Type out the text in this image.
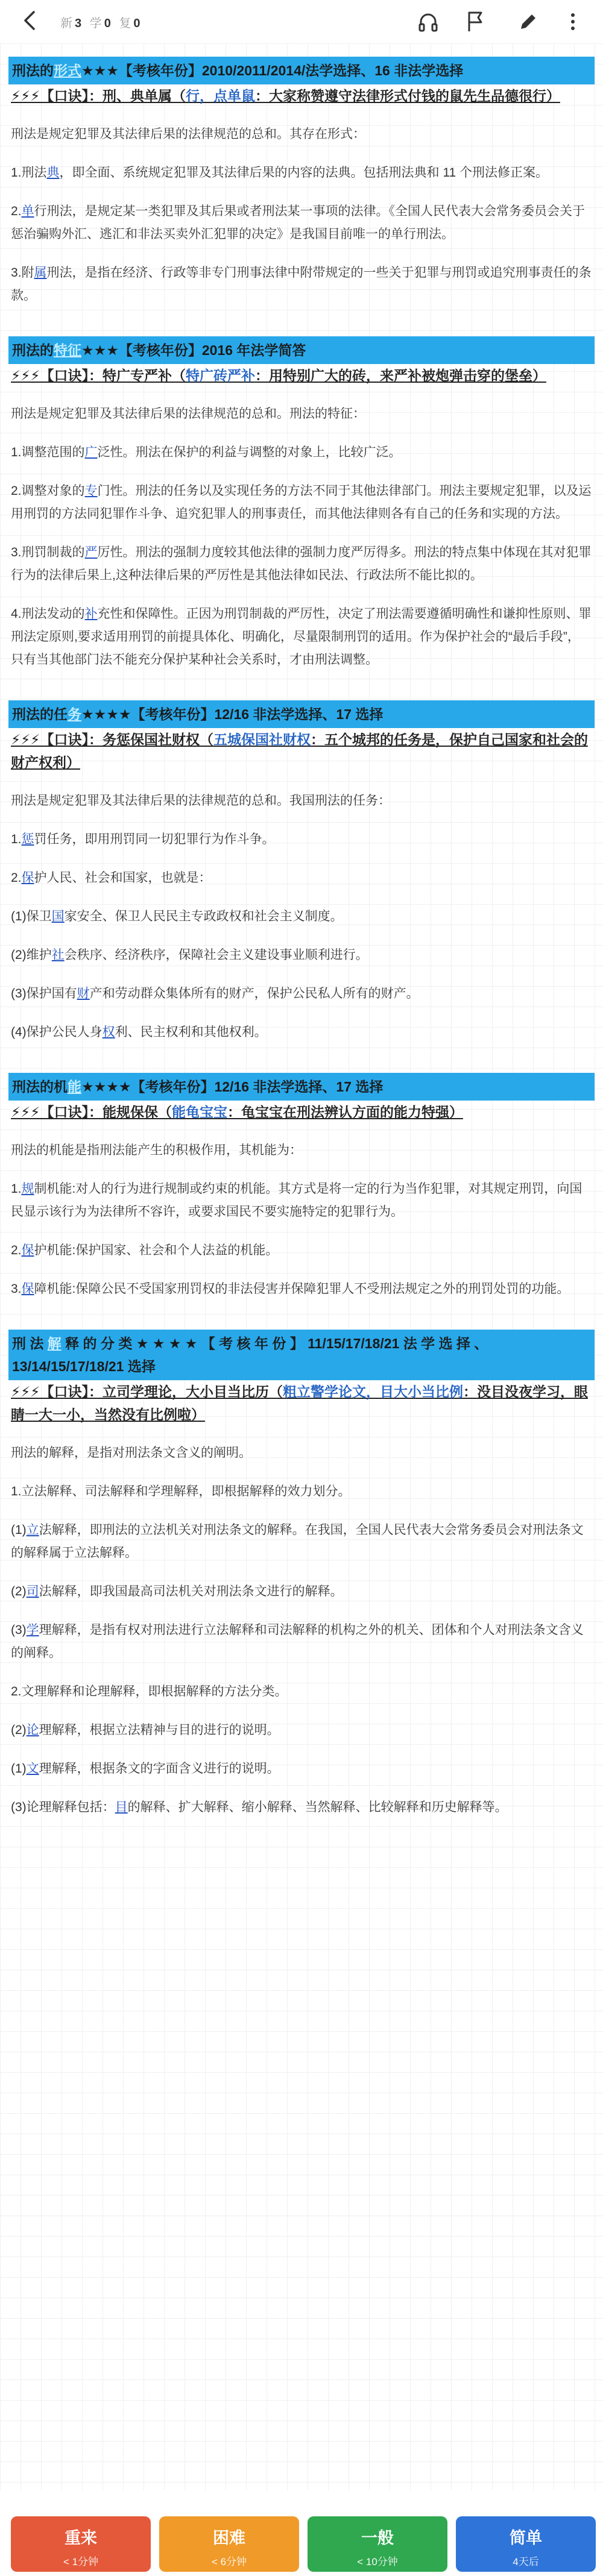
新 3 学 0 复 0
刑法的形式★★★【考核年份】2010/2011/2014/法学选择、16 非法学选择
⚡⚡⚡【口诀】：刑、典单属（行，点单鼠：大家称赞遵守法律形式付钱的鼠先生品德很行）
刑法是规定犯罪及其法律后果的法律规范的总和。其存在形式：
1.刑法典，即全面、系统规定犯罪及其法律后果的内容的法典。包括刑法典和 11 个刑法修正案。
2.单行刑法，是规定某一类犯罪及其后果或者刑法某一事项的法律。《全国人民代表大会常务委员会关于惩治骗购外汇、逃汇和非法买卖外汇犯罪的决定》是我国目前唯一的单行刑法。
3.附属刑法，是指在经济、行政等非专门刑事法律中附带规定的一些关于犯罪与刑罚或追究刑事责任的条款。
刑法的特征★★★【考核年份】2016 年法学简答
⚡⚡⚡【口诀】：特广专严补（特广砖严补：用特别广大的砖，来严补被炮弹击穿的堡垒）
刑法是规定犯罪及其法律后果的法律规范的总和。刑法的特征：
1.调整范围的广泛性。刑法在保护的利益与调整的对象上，比较广泛。
2.调整对象的专门性。刑法的任务以及实现任务的方法不同于其他法律部门。刑法主要规定犯罪，以及运用刑罚的方法同犯罪作斗争、追究犯罪人的刑事责任，而其他法律则各有自己的任务和实现的方法。
3.刑罚制裁的严厉性。刑法的强制力度较其他法律的强制力度严厉得多。刑法的特点集中体现在其对犯罪行为的法律后果上,这种法律后果的严厉性是其他法律如民法、行政法所不能比拟的。
4.刑法发动的补充性和保障性。正因为刑罚制裁的严厉性，决定了刑法需要遵循明确性和谦抑性原则、罪刑法定原则,要求适用刑罚的前提具体化、明确化，尽量限制刑罚的适用。作为保护社会的“最后手段”，只有当其他部门法不能充分保护某种社会关系时，才由刑法调整。
刑法的任务★★★★【考核年份】12/16 非法学选择、17 选择
⚡⚡⚡【口诀】：务惩保国社财权（五城保国社财权：五个城邦的任务是，保护自己国家和社会的财产权利）
刑法是规定犯罪及其法律后果的法律规范的总和。我国刑法的任务：
1.惩罚任务，即用刑罚同一切犯罪行为作斗争。
2.保护人民、社会和国家，也就是：
(1)保卫国家安全、保卫人民民主专政政权和社会主义制度。
(2)维护社会秩序、经济秩序，保障社会主义建设事业顺利进行。
(3)保护国有财产和劳动群众集体所有的财产，保护公民私人所有的财产。
(4)保护公民人身权利、民主权利和其他权利。
刑法的机能★★★★【考核年份】12/16 非法学选择、17 选择
⚡⚡⚡【口诀】：能规保保（能龟宝宝：龟宝宝在刑法辨认方面的能力特强）
刑法的机能是指刑法能产生的积极作用，其机能为：
1.规制机能:对人的行为进行规制或约束的机能。其方式是将一定的行为当作犯罪，对其规定刑罚，向国民显示该行为为法律所不容许，或要求国民不要实施特定的犯罪行为。
2.保护机能:保护国家、社会和个人法益的机能。
3.保障机能:保障公民不受国家刑罚权的非法侵害并保障犯罪人不受刑法规定之外的刑罚处罚的功能。
刑 法 解 释 的 分 类 ★ ★ ★ ★ 【 考 核 年 份 】 11/15/17/18/21 法 学 选 择 、13/14/15/17/18/21 选择
⚡⚡⚡【口诀】：立司学理论，大小目当比历（粗立警学论文，目大小当比例：没目没夜学习，眼睛一大一小，当然没有比例啦）
刑法的解释，是指对刑法条文含义的阐明。
1.立法解释、司法解释和学理解释，即根据解释的效力划分。
(1)立法解释，即刑法的立法机关对刑法条文的解释。在我国，全国人民代表大会常务委员会对刑法条文的解释属于立法解释。
(2)司法解释，即我国最高司法机关对刑法条文进行的解释。
(3)学理解释，是指有权对刑法进行立法解释和司法解释的机构之外的机关、团体和个人对刑法条文含义的阐释。
2.文理解释和论理解释，即根据解释的方法分类。
(2)论理解释，根据立法精神与目的进行的说明。
(1)文理解释，根据条文的字面含义进行的说明。
(3)论理解释包括：目的解释、扩大解释、缩小解释、当然解释、比较解释和历史解释等。
重来
< 1分钟
困难
< 6分钟
一般
< 10分钟
简单
4天后
